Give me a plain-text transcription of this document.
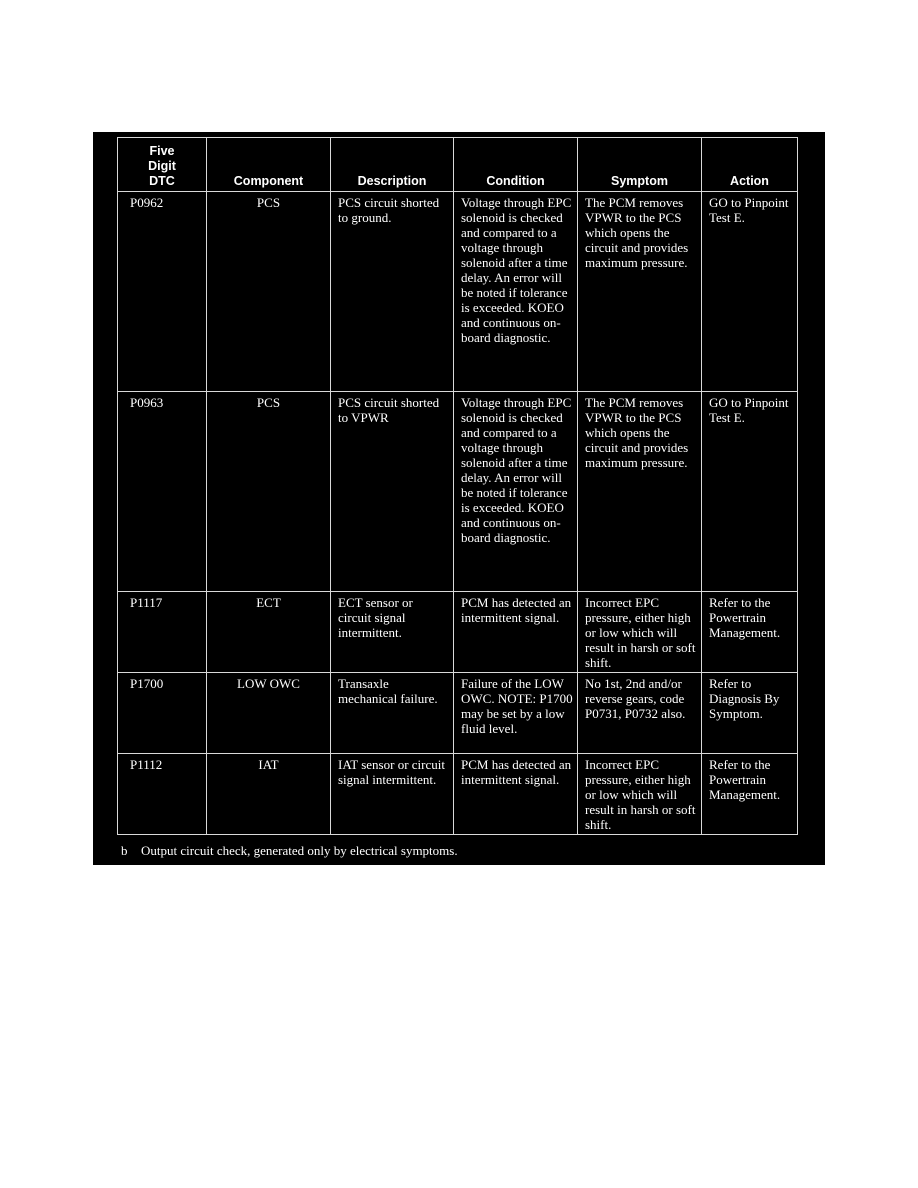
Five
Digit
DTC	Component	Description	Condition	Symptom	Action

P0962	PCS	PCS circuit shorted to ground.	Voltage through EPC solenoid is checked and compared to a voltage through solenoid after a time delay. An error will be noted if tolerance is exceeded. KOEO and continuous on-board diagnostic.	The PCM removes VPWR to the PCS which opens the circuit and provides maximum pressure.	GO to Pinpoint Test E.

P0963	PCS	PCS circuit shorted to VPWR	Voltage through EPC solenoid is checked and compared to a voltage through solenoid after a time delay. An error will be noted if tolerance is exceeded. KOEO and continuous on-board diagnostic.	The PCM removes VPWR to the PCS which opens the circuit and provides maximum pressure.	GO to Pinpoint Test E.

P1117	ECT	ECT sensor or circuit signal intermittent.	PCM has detected an intermittent signal.	Incorrect EPC pressure, either high or low which will result in harsh or soft shift.	Refer to the Powertrain Management.

P1700	LOW OWC	Transaxle mechanical failure.	Failure of the LOW OWC. NOTE: P1700 may be set by a low fluid level.	No 1st, 2nd and/or reverse gears, code P0731, P0732 also.	Refer to Diagnosis By Symptom.

P1112	IAT	IAT sensor or circuit signal intermittent.	PCM has detected an intermittent signal.	Incorrect EPC pressure, either high or low which will result in harsh or soft shift.	Refer to the Powertrain Management.
b Output circuit check, generated only by electrical symptoms.
